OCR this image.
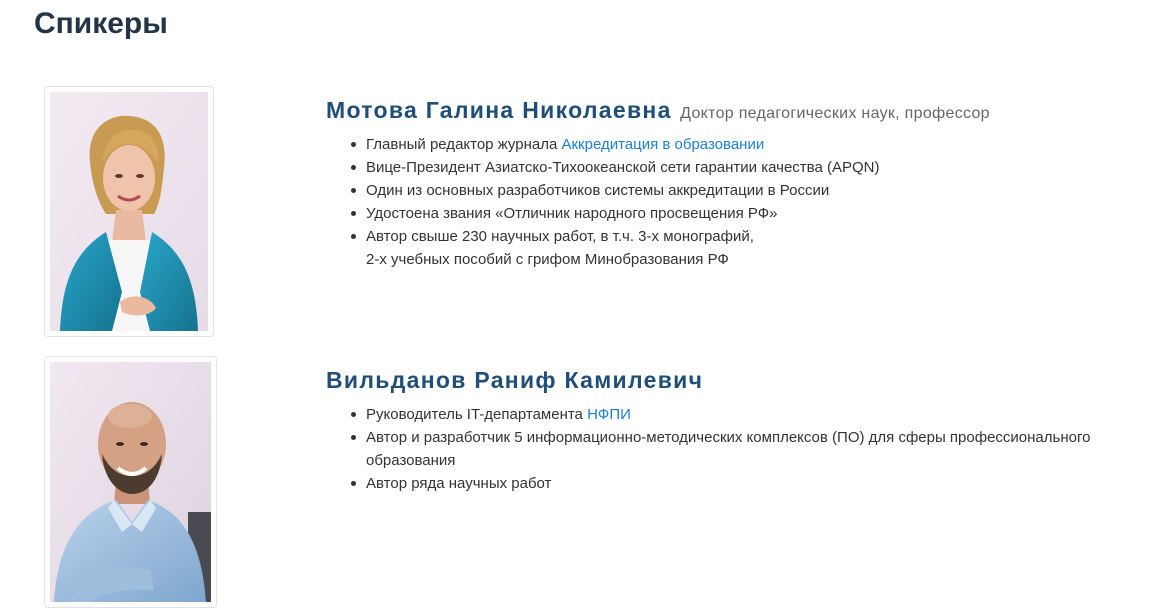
Спикеры

Мотова Галина Николаевна Доктор педагогических наук, профессор

Главный редактор журнала Аккредитация в образовании
Вице-Президент Азиатско-Тихоокеанской сети гарантии качества (APQN)
Один из основных разработчиков системы аккредитации в России
Удостоена звания «Отличник народного просвещения РФ»
Автор свыше 230 научных работ, в т.ч. 3-х монографий,
2-х учебных пособий с грифом Минобразования РФ

Вильданов Раниф Камилевич

Руководитель IT-департамента НФПИ
Автор и разработчик 5 информационно-методических комплексов (ПО) для сферы профессионального
образования
Автор ряда научных работ
